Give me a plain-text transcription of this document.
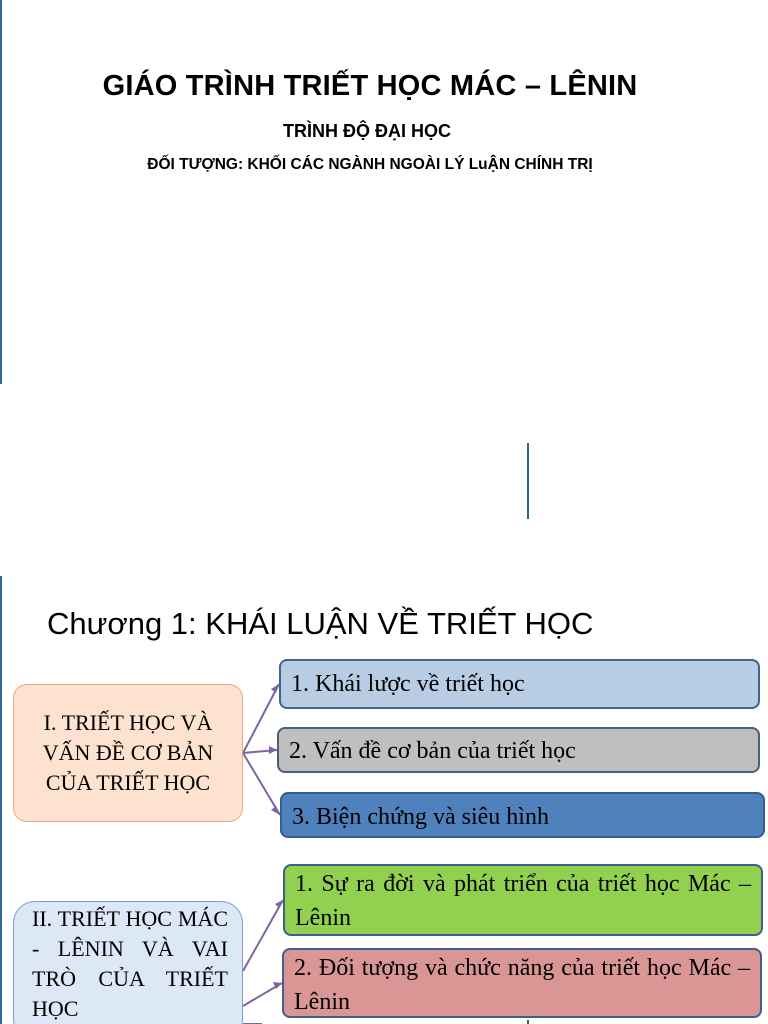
GIÁO TRÌNH TRIẾT HỌC MÁC – LÊNIN
TRÌNH ĐỘ ĐẠI HỌC
ĐỐI TƯỢNG: KHỐI CÁC NGÀNH NGOÀI LÝ LuẬN CHÍNH TRỊ
Chương 1: KHÁI LUẬN VỀ TRIẾT HỌC
I. TRIẾT HỌC VÀ VẤN ĐỀ CƠ BẢN CỦA TRIẾT HỌC
1. Khái lược về triết học
2. Vấn đề cơ bản của triết học
3. Biện chứng và siêu hình
II. TRIẾT HỌC MÁC - LÊNIN VÀ VAI TRÒ CỦA TRIẾT HỌC
1. Sự ra đời và phát triển của triết học Mác – Lênin
2. Đối tượng và chức năng của triết học Mác – Lênin
